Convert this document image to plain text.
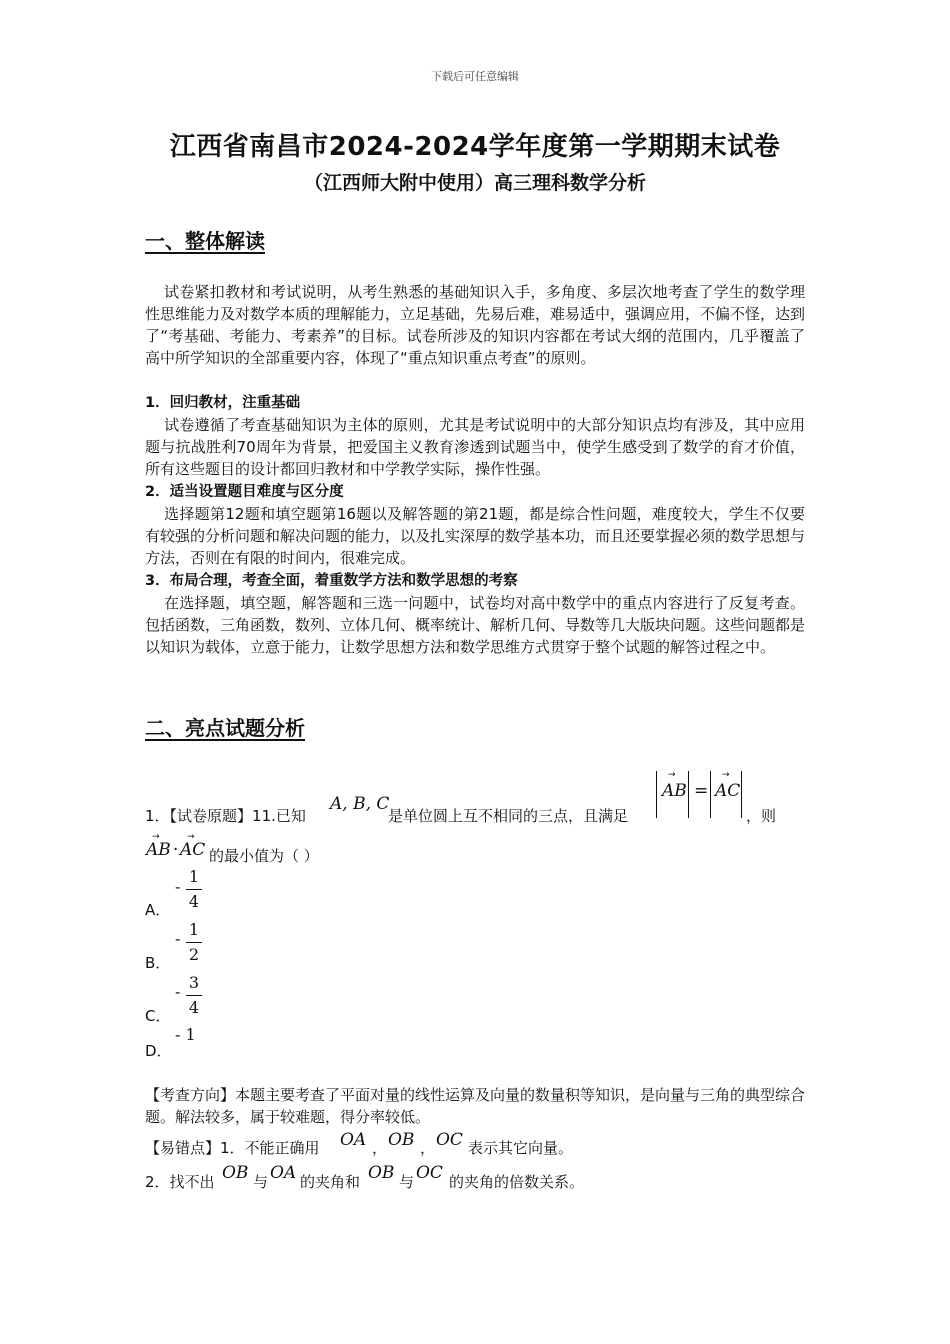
下载后可任意编辑
江西省南昌市2024-2024学年度第一学期期末试卷
（江西师大附中使用）高三理科数学分析
一、整体解读
试卷紧扣教材和考试说明，从考生熟悉的基础知识入手，多角度、多层次地考查了学生的数学理性思维能力及对数学本质的理解能力，立足基础，先易后难，难易适中，强调应用，不偏不怪，达到了“考基础、考能力、考素养”的目标。试卷所涉及的知识内容都在考试大纲的范围内，几乎覆盖了高中所学知识的全部重要内容，体现了“重点知识重点考查”的原则。
1．回归教材，注重基础
试卷遵循了考查基础知识为主体的原则，尤其是考试说明中的大部分知识点均有涉及，其中应用题与抗战胜利70周年为背景，把爱国主义教育渗透到试题当中，使学生感受到了数学的育才价值，所有这些题目的设计都回归教材和中学教学实际，操作性强。
2．适当设置题目难度与区分度
选择题第12题和填空题第16题以及解答题的第21题，都是综合性问题，难度较大，学生不仅要有较强的分析问题和解决问题的能力，以及扎实深厚的数学基本功，而且还要掌握必须的数学思想与方法，否则在有限的时间内，很难完成。
3．布局合理，考查全面，着重数学方法和数学思想的考察
在选择题，填空题，解答题和三选一问题中，试卷均对高中数学中的重点内容进行了反复考查。包括函数，三角函数，数列、立体几何、概率统计、解析几何、导数等几大版块问题。这些问题都是以知识为载体，立意于能力，让数学思想方法和数学思维方式贯穿于整个试题的解答过程之中。
二、亮点试题分析
1．【试卷原题】11.已知
A, B, C
是单位圆上互不相同的三点，且满足
→
AB =
→
AC
，则
→
AB ·
→
AC 的最小值为（ ）
A．
-
1
4
B．
- 1
2
C．
- 3
4
D．
- 1
【考查方向】本题主要考查了平面对量的线性运算及向量的数量积等知识，是向量与三角的典型综合题。解法较多，属于较难题，得分率较低。
【易错点】1．不能正确用 OA ， OB ， OC 表示其它向量。
2．找不出 OB 与 OA 的夹角和 OB 与 OC 的夹角的倍数关系。
